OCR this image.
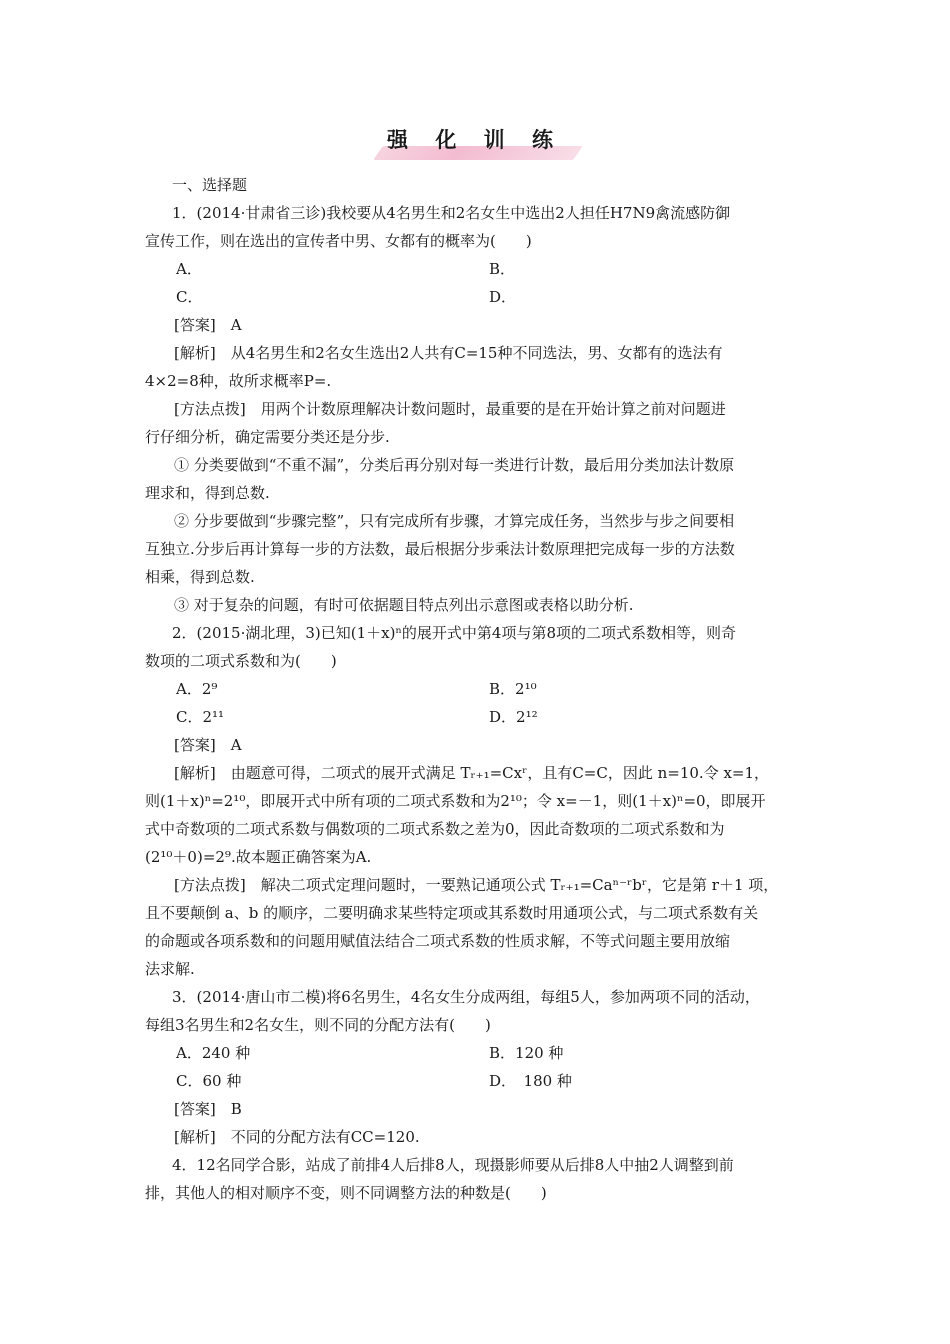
强 化 训 练
一、选择题
1．(2014·甘肃省三诊)我校要从4名男生和2名女生中选出2人担任H7N9禽流感防御
宣传工作，则在选出的宣传者中男、女都有的概率为(　　)
A．	B．
C．	D．
[答案]　A
[解析]　从4名男生和2名女生选出2人共有C=15种不同选法，男、女都有的选法有
4×2=8种，故所求概率P=.
[方法点拨]　用两个计数原理解决计数问题时，最重要的是在开始计算之前对问题进
行仔细分析，确定需要分类还是分步.
① 分类要做到“不重不漏”，分类后再分别对每一类进行计数，最后用分类加法计数原
理求和，得到总数.
② 分步要做到“步骤完整”，只有完成所有步骤，才算完成任务，当然步与步之间要相
互独立.分步后再计算每一步的方法数，最后根据分步乘法计数原理把完成每一步的方法数
相乘，得到总数.
③ 对于复杂的问题，有时可依据题目特点列出示意图或表格以助分析.
2．(2015·湖北理，3)已知(1＋x)ⁿ的展开式中第4项与第8项的二项式系数相等，则奇
数项的二项式系数和为(　　)
A．2⁹	B．2¹⁰
C．2¹¹	D．2¹²
[答案]　A
[解析]　由题意可得，二项式的展开式满足 Tᵣ₊₁=Cxʳ，且有C=C，因此 n=10.令 x=1，
则(1＋x)ⁿ=2¹⁰，即展开式中所有项的二项式系数和为2¹⁰；令 x=－1，则(1＋x)ⁿ=0，即展开
式中奇数项的二项式系数与偶数项的二项式系数之差为0，因此奇数项的二项式系数和为
(2¹⁰＋0)=2⁹.故本题正确答案为A.
[方法点拨]　解决二项式定理问题时，一要熟记通项公式 Tᵣ₊₁=Caⁿ⁻ʳbʳ，它是第 r＋1 项，
且不要颠倒 a、b 的顺序，二要明确求某些特定项或其系数时用通项公式，与二项式系数有关
的命题或各项系数和的问题用赋值法结合二项式系数的性质求解，不等式问题主要用放缩
法求解.
3．(2014·唐山市二模)将6名男生，4名女生分成两组，每组5人，参加两项不同的活动，
每组3名男生和2名女生，则不同的分配方法有(　　)
A．240 种	B．120 种
C．60 种	D．　180 种
[答案]　B
[解析]　不同的分配方法有CC=120.
4．12名同学合影，站成了前排4人后排8人，现摄影师要从后排8人中抽2人调整到前
排，其他人的相对顺序不变，则不同调整方法的种数是(　　)
